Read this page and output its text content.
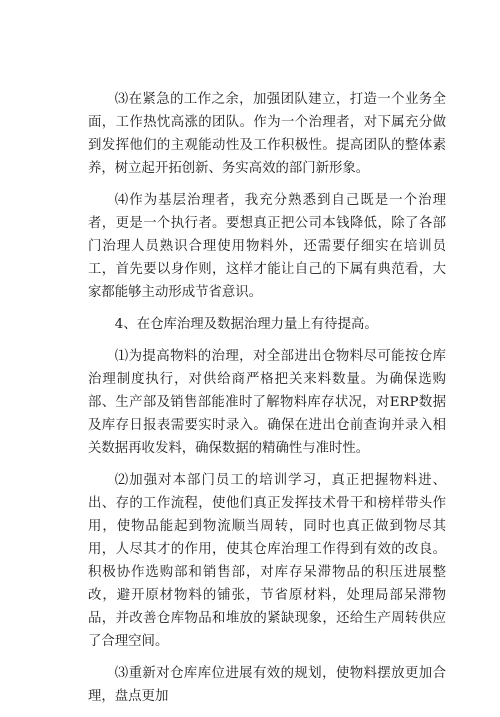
⑶在紧急的工作之余，加强团队建立，打造一个业务全面，工作热忱高涨的团队。作为一个治理者，对下属充分做到发挥他们的主观能动性及工作积极性。提高团队的整体素养，树立起开拓创新、务实高效的部门新形象。

⑷作为基层治理者，我充分熟悉到自己既是一个治理者，更是一个执行者。要想真正把公司本钱降低，除了各部门治理人员熟识合理使用物料外，还需要仔细实在培训员工，首先要以身作则，这样才能让自己的下属有典范看，大家都能够主动形成节省意识。

4、在仓库治理及数据治理力量上有待提高。

⑴为提高物料的治理，对全部进出仓物料尽可能按仓库治理制度执行，对供给商严格把关来料数量。为确保选购部、生产部及销售部能准时了解物料库存状况，对ERP数据及库存日报表需要实时录入。确保在进出仓前查询并录入相关数据再收发料，确保数据的精确性与准时性。

⑵加强对本部门员工的培训学习，真正把握物料进、出、存的工作流程，使他们真正发挥技术骨干和榜样带头作用，使物品能起到物流顺当周转，同时也真正做到物尽其用，人尽其才的作用，使其仓库治理工作得到有效的改良。积极协作选购部和销售部，对库存呆滞物品的积压进展整改，避开原材物料的铺张，节省原材料，处理局部呆滞物品，并改善仓库物品和堆放的紧缺现象，还给生产周转供应了合理空间。

⑶重新对仓库库位进展有效的规划，使物料摆放更加合理，盘点更加
